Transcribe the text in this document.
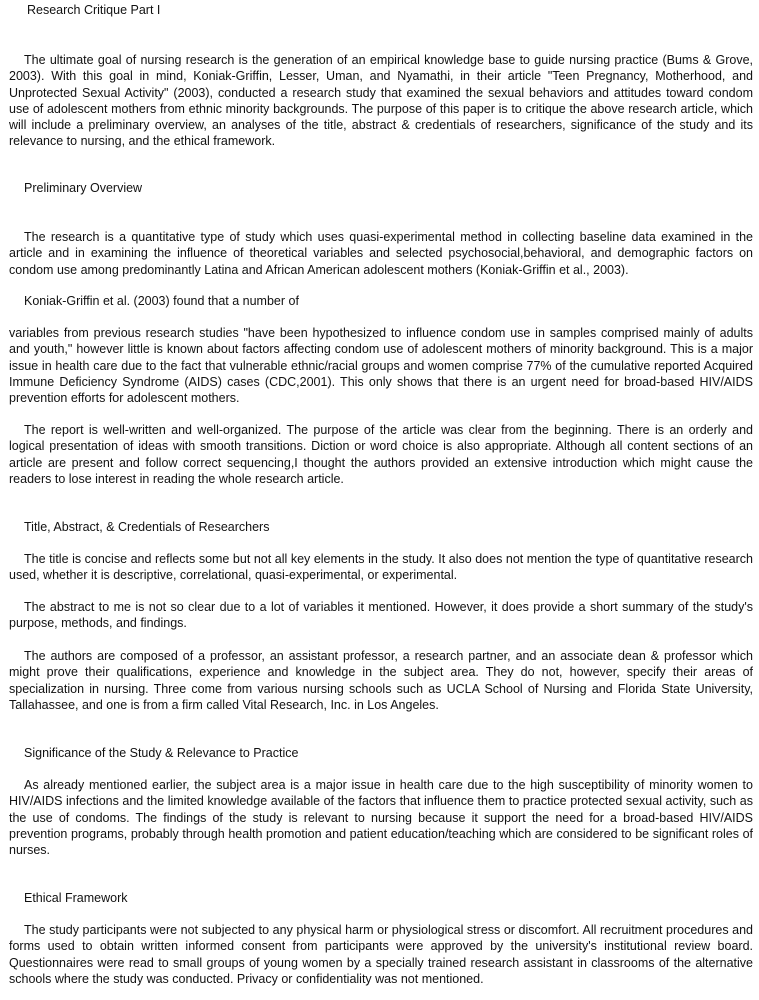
Research Critique Part I

The ultimate goal of nursing research is the generation of an empirical knowledge base to guide nursing practice (Bums & Grove, 2003). With this goal in mind, Koniak-Griffin, Lesser, Uman, and Nyamathi, in their article "Teen Pregnancy, Motherhood, and Unprotected Sexual Activity" (2003), conducted a research study that examined the sexual behaviors and attitudes toward condom use of adolescent mothers from ethnic minority backgrounds. The purpose of this paper is to critique the above research article, which will include a preliminary overview, an analyses of the title, abstract & credentials of researchers, significance of the study and its relevance to nursing, and the ethical framework.

Preliminary Overview

The research is a quantitative type of study which uses quasi-experimental method in collecting baseline data examined in the article and in examining the influence of theoretical variables and selected psychosocial,behavioral, and demographic factors on condom use among predominantly Latina and African American adolescent mothers (Koniak-Griffin et al., 2003).

Koniak-Griffin et al. (2003) found that a number of

variables from previous research studies "have been hypothesized to influence condom use in samples comprised mainly of adults and youth," however little is known about factors affecting condom use of adolescent mothers of minority background. This is a major issue in health care due to the fact that vulnerable ethnic/racial groups and women comprise 77% of the cumulative reported Acquired Immune Deficiency Syndrome (AIDS) cases (CDC,2001). This only shows that there is an urgent need for broad-based HIV/AIDS prevention efforts for adolescent mothers.

The report is well-written and well-organized. The purpose of the article was clear from the beginning. There is an orderly and logical presentation of ideas with smooth transitions. Diction or word choice is also appropriate. Although all content sections of an article are present and follow correct sequencing,I thought the authors provided an extensive introduction which might cause the readers to lose interest in reading the whole research article.

Title, Abstract, & Credentials of Researchers

The title is concise and reflects some but not all key elements in the study. It also does not mention the type of quantitative research used, whether it is descriptive, correlational, quasi-experimental, or experimental.

The abstract to me is not so clear due to a lot of variables it mentioned. However, it does provide a short summary of the study's purpose, methods, and findings.

The authors are composed of a professor, an assistant professor, a research partner, and an associate dean & professor which might prove their qualifications, experience and knowledge in the subject area. They do not, however, specify their areas of specialization in nursing. Three come from various nursing schools such as UCLA School of Nursing and Florida State University, Tallahassee, and one is from a firm called Vital Research, Inc. in Los Angeles.

Significance of the Study & Relevance to Practice

As already mentioned earlier, the subject area is a major issue in health care due to the high susceptibility of minority women to HIV/AIDS infections and the limited knowledge available of the factors that influence them to practice protected sexual activity, such as the use of condoms. The findings of the study is relevant to nursing because it support the need for a broad-based HIV/AIDS prevention programs, probably through health promotion and patient education/teaching which are considered to be significant roles of nurses.

Ethical Framework

The study participants were not subjected to any physical harm or physiological stress or discomfort. All recruitment procedures and forms used to obtain written informed consent from participants were approved by the university's institutional review board. Questionnaires were read to small groups of young women by a specially trained research assistant in classrooms of the alternative schools where the study was conducted. Privacy or confidentiality was not mentioned.
